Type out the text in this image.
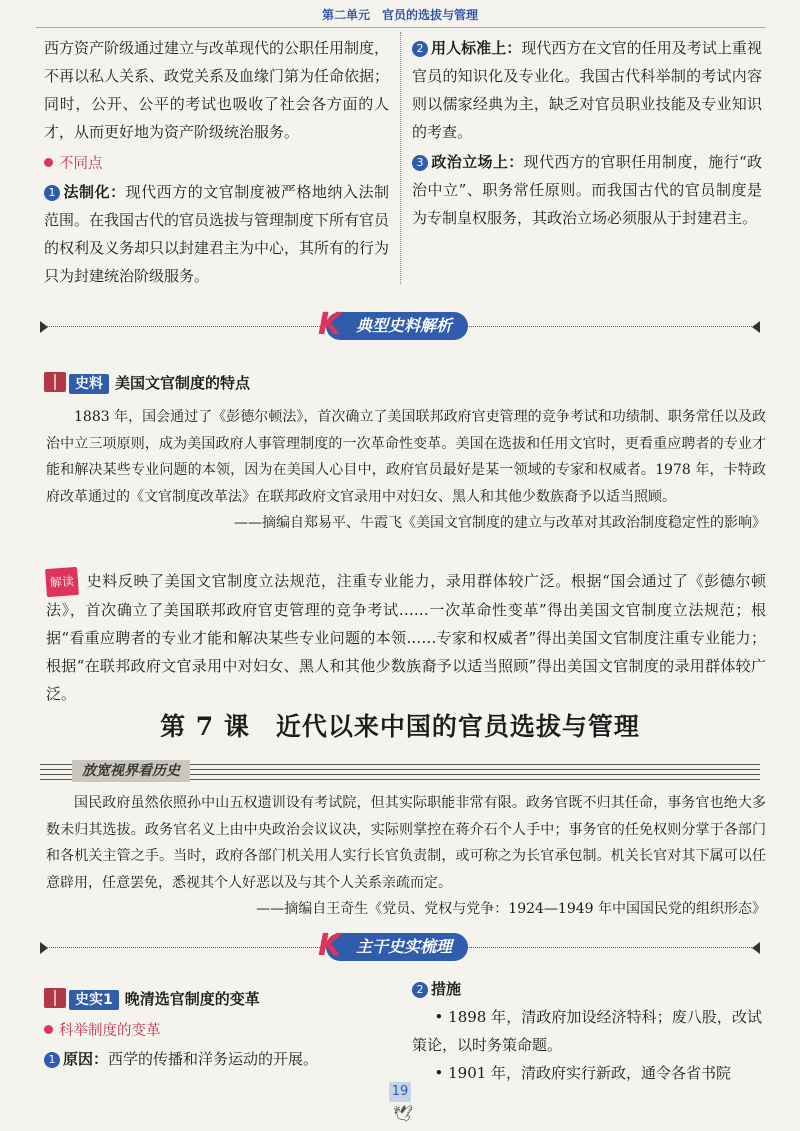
第二单元　官员的选拔与管理

西方资产阶级通过建立与改革现代的公职任用制度，不再以私人关系、政党关系及血缘门第为任命依据；同时，公开、公平的考试也吸收了社会各方面的人才，从而更好地为资产阶级统治服务。

不同点

1 法制化：现代西方的文官制度被严格地纳入法制范围。在我国古代的官员选拔与管理制度下所有官员的权利及义务却只以封建君主为中心，其所有的行为只为封建统治阶级服务。

2 用人标准上：现代西方在文官的任用及考试上重视官员的知识化及专业化。我国古代科举制的考试内容则以儒家经典为主，缺乏对官员职业技能及专业知识的考查。

3 政治立场上：现代西方的官职任用制度，施行“政治中立”、职务常任原则。而我国古代的官员制度是为专制皇权服务，其政治立场必须服从于封建君主。

K 典型史料解析
史料 美国文官制度的特点

1883 年，国会通过了《彭德尔顿法》，首次确立了美国联邦政府官吏管理的竞争考试和功绩制、职务常任以及政治中立三项原则，成为美国政府人事管理制度的一次革命性变革。美国在选拔和任用文官时，更看重应聘者的专业才能和解决某些专业问题的本领，因为在美国人心目中，政府官员最好是某一领域的专家和权威者。1978 年，卡特政府改革通过的《文官制度改革法》在联邦政府文官录用中对妇女、黑人和其他少数族裔予以适当照顾。

——摘编自郑易平、牛霞飞《美国文官制度的建立与改革对其政治制度稳定性的影响》

解读 史料反映了美国文官制度立法规范，注重专业能力，录用群体较广泛。根据“国会通过了《彭德尔顿法》，首次确立了美国联邦政府官吏管理的竞争考试……一次革命性变革”得出美国文官制度立法规范；根据“看重应聘者的专业才能和解决某些专业问题的本领……专家和权威者”得出美国文官制度注重专业能力；根据“在联邦政府文官录用中对妇女、黑人和其他少数族裔予以适当照顾”得出美国文官制度的录用群体较广泛。

第 7 课　近代以来中国的官员选拔与管理
放宽视界看历史

国民政府虽然依照孙中山五权遗训设有考试院，但其实际职能非常有限。政务官既不归其任命，事务官也绝大多数未归其选拔。政务官名义上由中央政治会议议决，实际则掌控在蒋介石个人手中；事务官的任免权则分掌于各部门和各机关主管之手。当时，政府各部门机关用人实行长官负责制，或可称之为长官承包制。机关长官对其下属可以任意辟用，任意罢免，悉视其个人好恶以及与其个人关系亲疏而定。

——摘编自王奇生《党员、党权与党争：1924—1949 年中国国民党的组织形态》

K 主干史实梳理
史实1 晚清选官制度的变革
科举制度的变革

1 原因：西学的传播和洋务运动的开展。

2 措施

• 1898 年，清政府加设经济特科；废八股，改试策论，以时务策命题。

• 1901 年，清政府实行新政，通令各省书院

19
🕊
